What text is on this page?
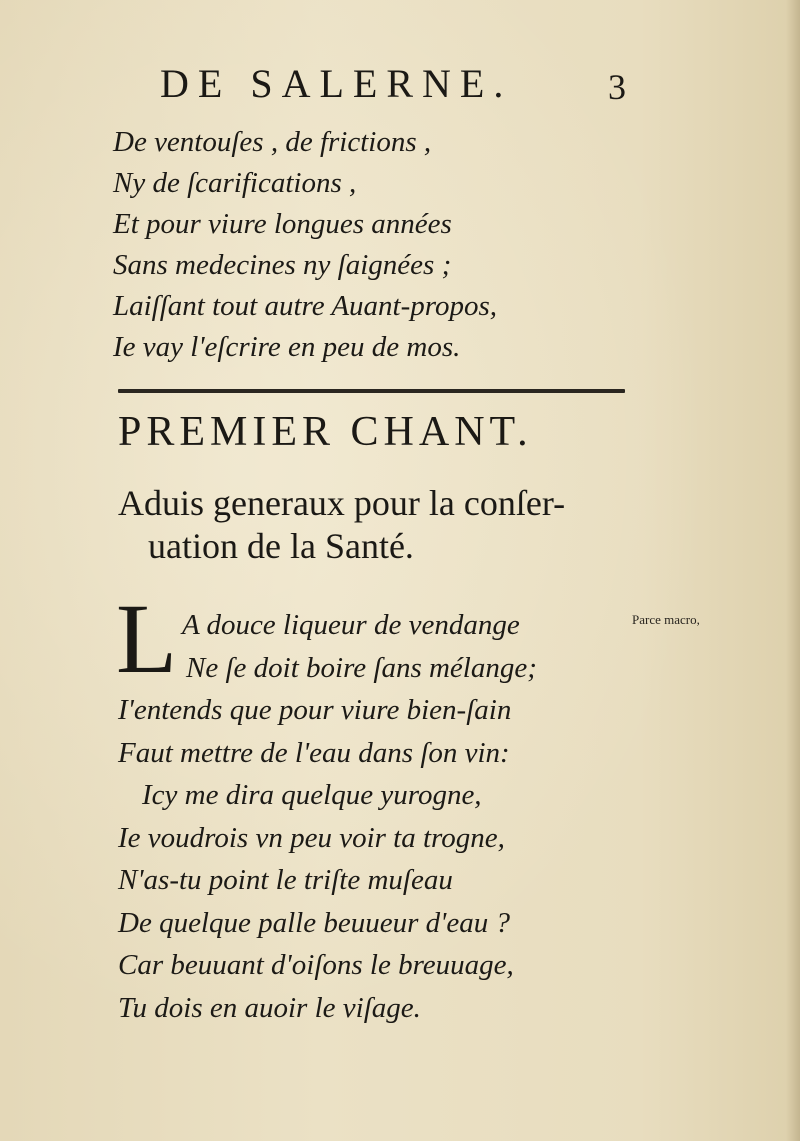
DE SALERNE.	3
De ventouſes , de frictions ,
Ny de ſcarifications ,
Et pour viure longues années
Sans medecines ny ſaignées ;
Laiſſant tout autre Auant-propos,
Ie vay l'eſcrire en peu de mos.
PREMIER CHANT.
Aduis generaux pour la conſer-
uation de la Santé.
L A douce liqueur de vendange
Ne ſe doit boire ſans mélange;
I'entends que pour viure bien-ſain
Faut mettre de l'eau dans ſon vin:
Icy me dira quelque yurogne,
Ie voudrois vn peu voir ta trogne,
N'as-tu point le triſte muſeau
De quelque palle beuueur d'eau ?
Car beuuant d'oiſons le breuuage,
Tu dois en auoir le viſage.
Parce macro,
